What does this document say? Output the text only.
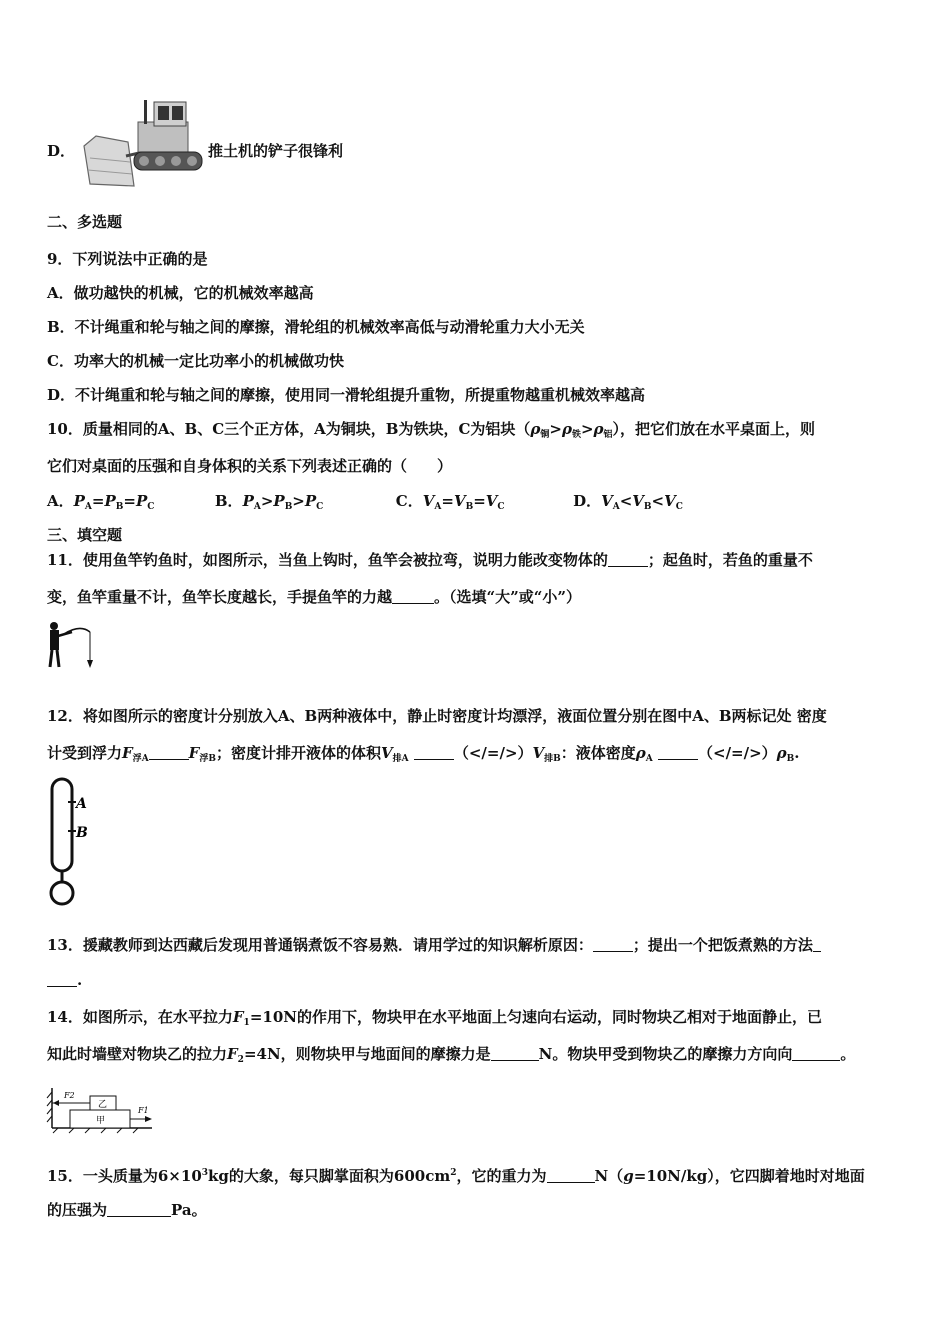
D．	推土机的铲子很锋利
二、多选题
9．下列说法中正确的是
A．做功越快的机械，它的机械效率越高
B．不计绳重和轮与轴之间的摩擦，滑轮组的机械效率高低与动滑轮重力大小无关
C．功率大的机械一定比功率小的机械做功快
D．不计绳重和轮与轴之间的摩擦，使用同一滑轮组提升重物，所提重物越重机械效率越高
10．质量相同的A、B、C三个正方体，A为铜块，B为铁块，C为铝块$(\rho_铜>\rho_铁>\rho_铝)$，把它们放在水平桌面上，则
它们对桌面的压强和自身体积的关系下列表述正确的（　　）
A．$P_A=P_B=P_C$	B．$P_A>P_B>P_C$	C．$V_A=V_B=V_C$	D．$V_A<V_B<V_C$
三、填空题
11．使用鱼竿钓鱼时，如图所示，当鱼上钩时，鱼竿会被拉弯，说明力能改变物体的	；起鱼时，若鱼的重量不
变，鱼竿重量不计，鱼竿长度越长，手提鱼竿的力越	。（选填“大”或“小”）
12．将如图所示的密度计分别放入A、B两种液体中，静止时密度计均漂浮，液面位置分别在图中A、B两标记处 密度
计受到浮力$F_{浮A}$	$F_{浮B}$；密度计排开液体的体积$V_{排A}$	$(</=/>)V_{排B}$：液体密度$\rho_A$	$(</=/>)\rho_B$.
A
B
13．援藏教师到达西藏后发现用普通锅煮饭不容易熟．请用学过的知识解析原因：	；提出一个把饭煮熟的方法
.
14．如图所示，在水平拉力$F_1=10N$的作用下，物块甲在水平地面上匀速向右运动，同时物块乙相对于地面静止，已
知此时墙壁对物块乙的拉力$F_2=4N$，则物块甲与地面间的摩擦力是	N。物块甲受到物块乙的摩擦力方向向	。
F2
F1
乙
甲
15．一头质量为$6\times 10^3kg$的大象，每只脚掌面积为$600cm^2$，它的重力为	N（g=10N/kg），它四脚着地时对地面
的压强为	Pa。
